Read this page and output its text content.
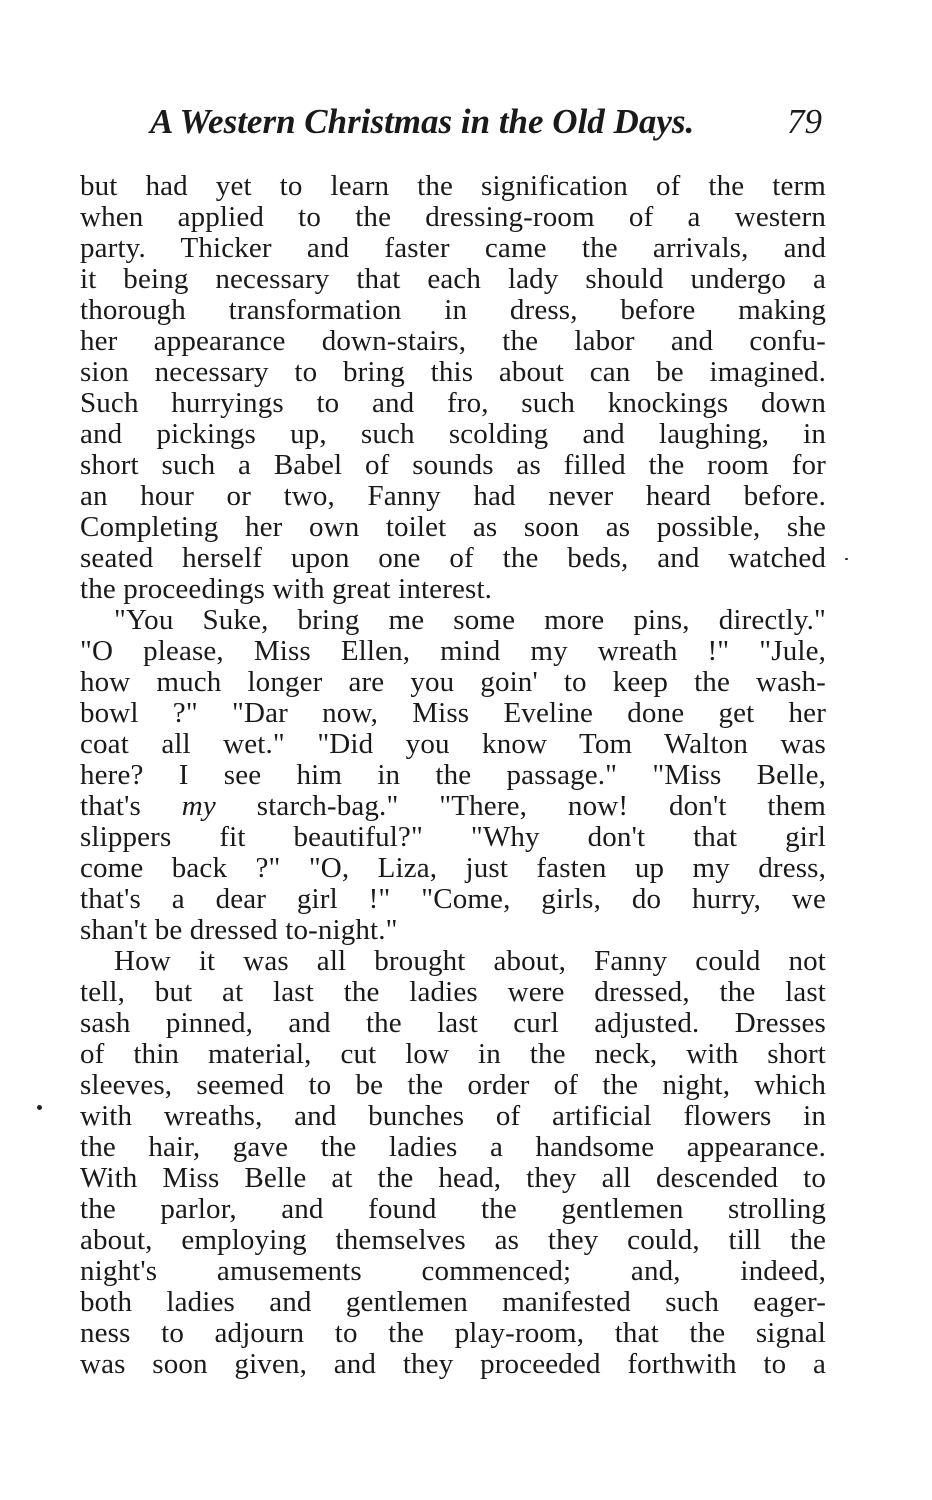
A Western Christmas in the Old Days.	79
but had yet to learn the signification of the term
when applied to the dressing-room of a western
party. Thicker and faster came the arrivals, and
it being necessary that each lady should undergo a
thorough transformation in dress, before making
her appearance down-stairs, the labor and confu-
sion necessary to bring this about can be imagined.
Such hurryings to and fro, such knockings down
and pickings up, such scolding and laughing, in
short such a Babel of sounds as filled the room for
an hour or two, Fanny had never heard before.
Completing her own toilet as soon as possible, she
seated herself upon one of the beds, and watched
the proceedings with great interest.
"You Suke, bring me some more pins, directly."
"O please, Miss Ellen, mind my wreath !" "Jule,
how much longer are you goin' to keep the wash-
bowl ?" "Dar now, Miss Eveline done get her
coat all wet." "Did you know Tom Walton was
here? I see him in the passage." "Miss Belle,
that's my starch-bag." "There, now! don't them
slippers fit beautiful?" "Why don't that girl
come back ?" "O, Liza, just fasten up my dress,
that's a dear girl !" "Come, girls, do hurry, we
shan't be dressed to-night."
How it was all brought about, Fanny could not
tell, but at last the ladies were dressed, the last
sash pinned, and the last curl adjusted. Dresses
of thin material, cut low in the neck, with short
sleeves, seemed to be the order of the night, which
with wreaths, and bunches of artificial flowers in
the hair, gave the ladies a handsome appearance.
With Miss Belle at the head, they all descended to
the parlor, and found the gentlemen strolling
about, employing themselves as they could, till the
night's amusements commenced; and, indeed,
both ladies and gentlemen manifested such eager-
ness to adjourn to the play-room, that the signal
was soon given, and they proceeded forthwith to a
